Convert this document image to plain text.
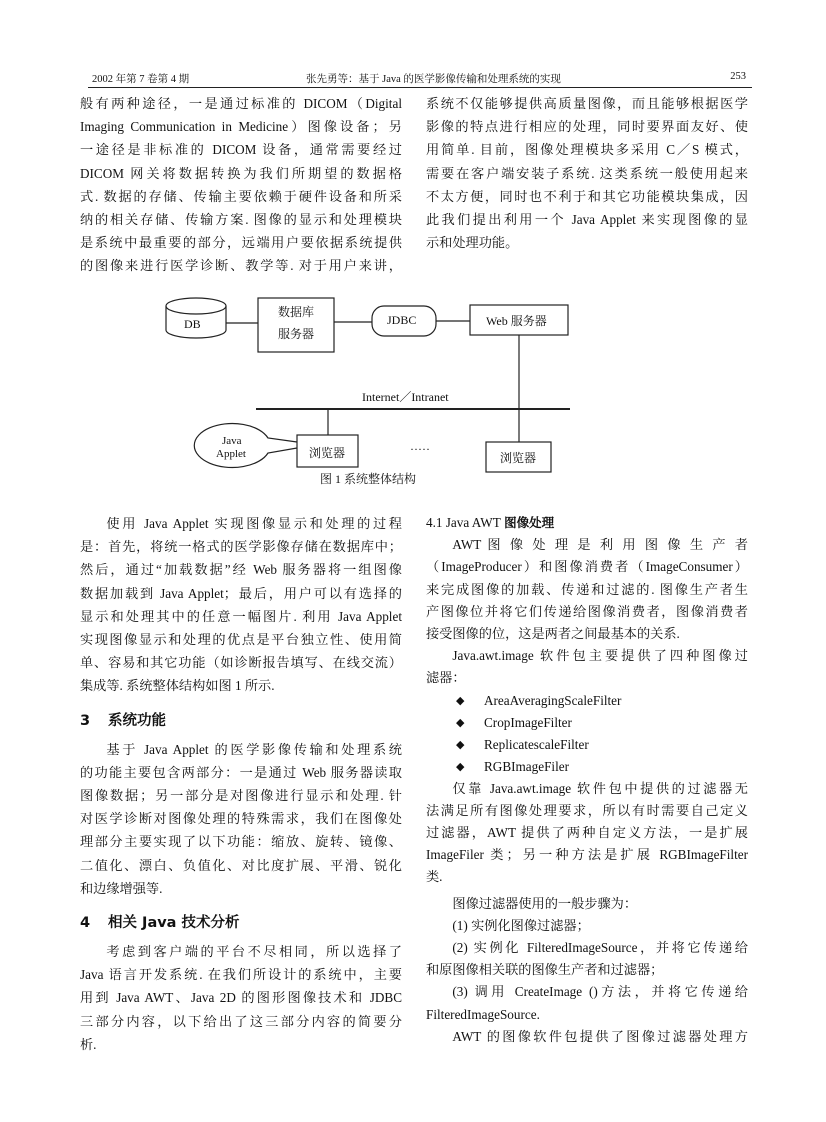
2002 年第 7 卷第 4 期	张先勇等：基于 Java 的医学影像传输和处理系统的实现	253
般有两种途径，一是通过标准的 DICOM（Digital
Imaging Communication in Medicine）图像设备；另
一途径是非标准的 DICOM 设备，通常需要经过
DICOM 网关将数据转换为我们所期望的数据格
式. 数据的存储、传输主要依赖于硬件设备和所采
纳的相关存储、传输方案. 图像的显示和处理模块
是系统中最重要的部分，远端用户要依据系统提供
的图像来进行医学诊断、教学等. 对于用户来讲，
系统不仅能够提供高质量图像，而且能够根据医学
影像的特点进行相应的处理，同时要界面友好、使
用简单. 目前，图像处理模块多采用 C／S 模式，
需要在客户端安装子系统. 这类系统一般使用起来
不太方便，同时也不利于和其它功能模块集成，因
此我们提出利用一个 Java Applet 来实现图像的显
示和处理功能。
DB
数据库
服务器
JDBC	Web 服务器
Internet／Intranet
Java
Applet	浏览器	·····
浏览器
图 1 系统整体结构
使用 Java Applet 实现图像显示和处理的过程
是：首先，将统一格式的医学影像存储在数据库中；
然后，通过“加载数据”经 Web 服务器将一组图像
数据加载到 Java Applet；最后，用户可以有选择的
显示和处理其中的任意一幅图片. 利用 Java Applet
实现图像显示和处理的优点是平台独立性、使用简
单、容易和其它功能（如诊断报告填写、在线交流）
集成等. 系统整体结构如图 1 所示.
3 系统功能
基于 Java Applet 的医学影像传输和处理系统
的功能主要包含两部分：一是通过 Web 服务器读取
图像数据；另一部分是对图像进行显示和处理. 针
对医学诊断对图像处理的特殊需求，我们在图像处
理部分主要实现了以下功能：缩放、旋转、镜像、
二值化、漂白、负值化、对比度扩展、平滑、锐化
和边缘增强等.
4 相关 Java 技术分析
考虑到客户端的平台不尽相同，所以选择了
Java 语言开发系统. 在我们所设计的系统中，主要
用到 Java AWT、Java 2D 的图形图像技术和 JDBC
三部分内容，以下给出了这三部分内容的简要分
析.
4.1 Java AWT 图像处理
AWT 图 像 处 理 是 利 用 图 像 生 产 者
（ImageProducer）和图像消费者（ImageConsumer）
来完成图像的加载、传递和过滤的. 图像生产者生
产图像位并将它们传递给图像消费者，图像消费者
接受图像的位，这是两者之间最基本的关系.
Java.awt.image 软件包主要提供了四种图像过
滤器：
◆ AreaAveragingScaleFilter
◆ CropImageFilter
◆ ReplicatescaleFilter
◆ RGBImageFiler
仅靠 Java.awt.image 软件包中提供的过滤器无
法满足所有图像处理要求，所以有时需要自己定义
过滤器，AWT 提供了两种自定义方法，一是扩展
ImageFiler 类；另一种方法是扩展 RGBImageFilter
类.
图像过滤器使用的一般步骤为：
(1) 实例化图像过滤器；
(2) 实例化 FilteredImageSource，并将它传递给
和原图像相关联的图像生产者和过滤器；
(3) 调用 CreateImage ()方法，并将它传递给
FilteredImageSource.
AWT 的图像软件包提供了图像过滤器处理方
